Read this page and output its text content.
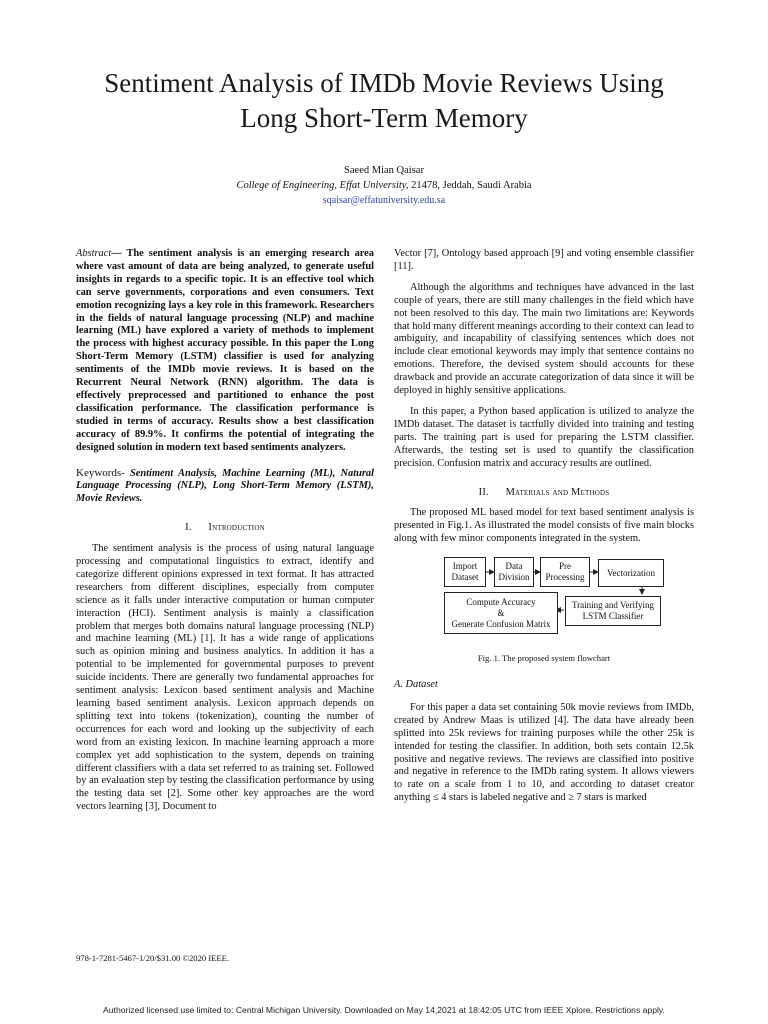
Sentiment Analysis of IMDb Movie Reviews Using
Long Short-Term Memory
Saeed Mian Qaisar
College of Engineering, Effat University, 21478, Jeddah, Saudi Arabia
sqaisar@effatuniversity.edu.sa

Abstract— The sentiment analysis is an emerging research area where vast amount of data are being analyzed, to generate useful insights in regards to a specific topic. It is an effective tool which can serve governments, corporations and even consumers. Text emotion recognizing lays a key role in this framework. Researchers in the fields of natural language processing (NLP) and machine learning (ML) have explored a variety of methods to implement the process with highest accuracy possible. In this paper the Long Short-Term Memory (LSTM) classifier is used for analyzing sentiments of the IMDb movie reviews. It is based on the Recurrent Neural Network (RNN) algorithm. The data is effectively preprocessed and partitioned to enhance the post classification performance. The classification performance is studied in terms of accuracy. Results show a best classification accuracy of 89.9%. It confirms the potential of integrating the designed solution in modern text based sentiments analyzers.

Keywords- Sentiment Analysis, Machine Learning (ML), Natural Language Processing (NLP), Long Short-Term Memory (LSTM), Movie Reviews.

I. Introduction

The sentiment analysis is the process of using natural language processing and computational linguistics to extract, identify and categorize different opinions expressed in text format. It has attracted researchers from different disciplines, especially from computer science as it falls under interactive computation or human computer interaction (HCI). Sentiment analysis is mainly a classification problem that merges both domains natural language processing (NLP) and machine learning (ML) [1]. It has a wide range of applications such as opinion mining and business analytics. In addition it has a potential to be implemented for governmental purposes to prevent suicide incidents. There are generally two fundamental approaches for sentiment analysis: Lexicon based sentiment analysis and Machine learning based sentiment analysis. Lexicon approach depends on splitting text into tokens (tokenization), counting the number of occurrences for each word and looking up the subjectivity of each word from an existing lexicon. In machine learning approach a more complex yet add sophistication to the system, depends on training different classifiers with a data set referred to as training set. Followed by an evaluation step by testing the classification performance by using the testing data set [2]. Some other key approaches are the word vectors learning [3], Document to

Vector [7], Ontology based approach [9] and voting ensemble classifier [11].

Although the algorithms and techniques have advanced in the last couple of years, there are still many challenges in the field which have not been resolved to this day. The main two limitations are: Keywords that hold many different meanings according to their context can lead to ambiguity, and incapability of classifying sentences which does not include clear emotional keywords may imply that sentence contains no emotions. Therefore, the devised system should accounts for these drawback and provide an accurate categorization of data since it will be deployed in highly sensitive applications.

In this paper, a Python based application is utilized to analyze the IMDb dataset. The dataset is tactfully divided into training and testing parts. The training part is used for preparing the LSTM classifier. Afterwards, the testing set is used to quantify the classification precision. Confusion matrix and accuracy results are outlined.

II. Materials and Methods

The proposed ML based model for text based sentiment analysis is presented in Fig.1. As illustrated the model consists of five main blocks along with few minor components integrated in the system.

Import
Dataset
Data
Division
Pre
Processing	Vectorization
Training and Verifying
LSTM Classifier
Compute Accuracy
&
Generate Confusion Matrix
Fig. 1. The proposed system flowchart
A. Dataset

For this paper a data set containing 50k movie reviews from IMDb, created by Andrew Maas is utilized [4]. The data have already been splitted into 25k reviews for training purposes while the other 25k is intended for testing the classifier. In addition, both sets contain 12.5k positive and negative reviews. The reviews are classified into positive and negative in reference to the IMDb rating system. It allows viewers to rate on a scale from 1 to 10, and according to dataset creator anything ≤ 4 stars is labeled negative and ≥ 7 stars is marked

978-1-7281-5467-1/20/$31.00 ©2020 IEEE.
Authorized licensed use limited to: Central Michigan University. Downloaded on May 14,2021 at 18:42:05 UTC from IEEE Xplore. Restrictions apply.
